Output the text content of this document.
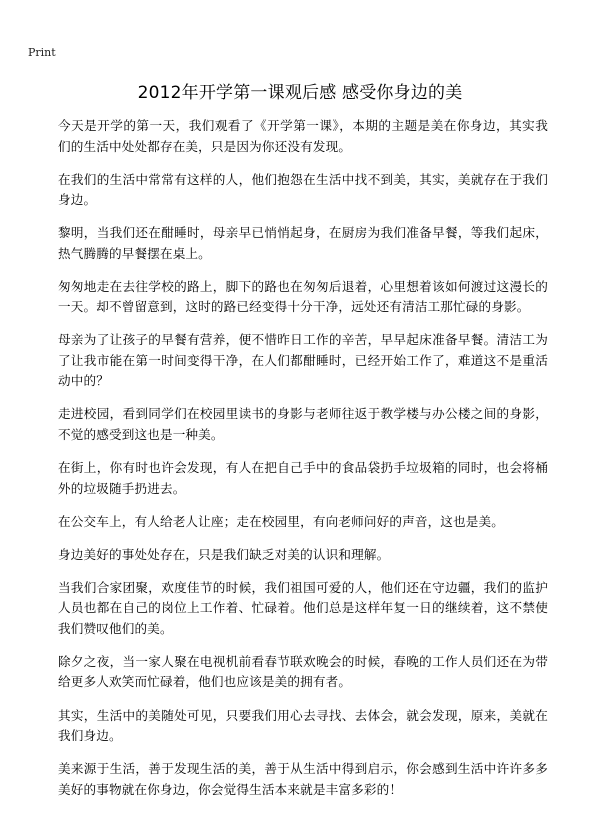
Print
2012年开学第一课观后感 感受你身边的美

今天是开学的第一天，我们观看了《开学第一课》，本期的主题是美在你身边，其实我们的生活中处处都存在美，只是因为你还没有发现。

在我们的生活中常常有这样的人，他们抱怨在生活中找不到美，其实，美就存在于我们身边。

黎明，当我们还在酣睡时，母亲早已悄悄起身，在厨房为我们准备早餐，等我们起床，热气腾腾的早餐摆在桌上。

匆匆地走在去往学校的路上，脚下的路也在匆匆后退着，心里想着该如何渡过这漫长的一天。却不曾留意到，这时的路已经变得十分干净，远处还有清洁工那忙碌的身影。

母亲为了让孩子的早餐有营养，便不惜昨日工作的辛苦，早早起床准备早餐。清洁工为了让我市能在第一时间变得干净，在人们都酣睡时，已经开始工作了，难道这不是重活动中的？

走进校园，看到同学们在校园里读书的身影与老师往返于教学楼与办公楼之间的身影，不觉的感受到这也是一种美。

在街上，你有时也许会发现，有人在把自己手中的食品袋扔手垃圾箱的同时，也会将桶外的垃圾随手扔进去。

在公交车上，有人给老人让座；走在校园里，有向老师问好的声音，这也是美。

身边美好的事处处存在，只是我们缺乏对美的认识和理解。

当我们合家团聚，欢度佳节的时候，我们祖国可爱的人，他们还在守边疆，我们的监护人员也都在自己的岗位上工作着、忙碌着。他们总是这样年复一日的继续着，这不禁使我们赞叹他们的美。

除夕之夜，当一家人聚在电视机前看春节联欢晚会的时候，春晚的工作人员们还在为带给更多人欢笑而忙碌着，他们也应该是美的拥有者。

其实，生活中的美随处可见，只要我们用心去寻找、去体会，就会发现，原来，美就在我们身边。

美来源于生活，善于发现生活的美，善于从生活中得到启示，你会感到生活中许许多多美好的事物就在你身边，你会觉得生活本来就是丰富多彩的！
